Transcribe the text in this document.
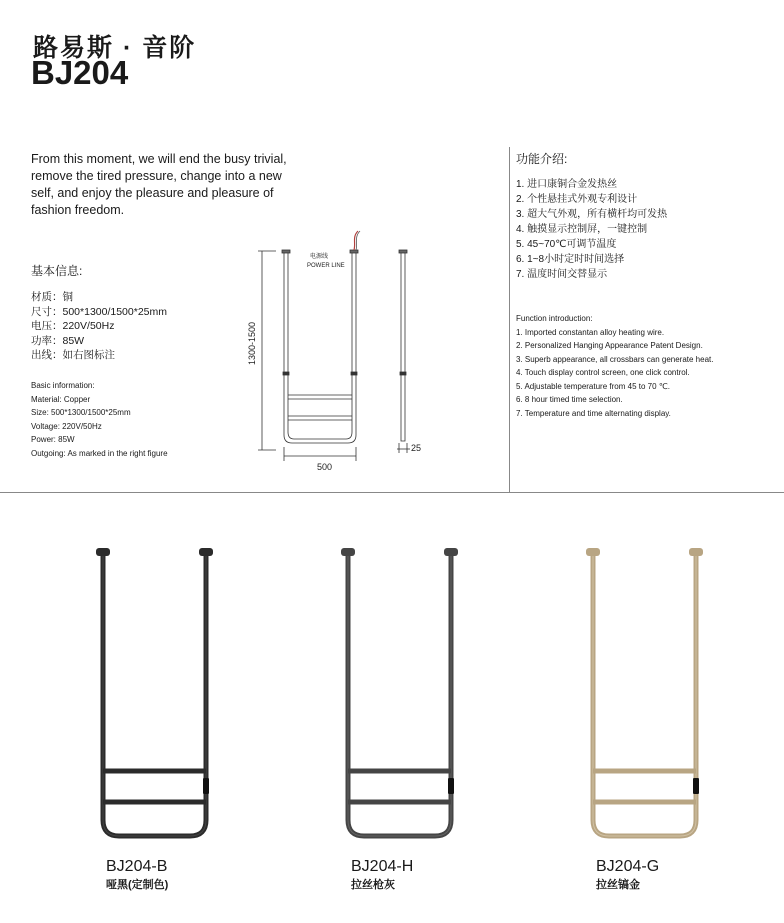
路易斯 · 音阶
BJ204
From this moment, we will end the busy trivial,
remove the tired pressure, change into a new
self, and enjoy the pleasure and pleasure of
fashion freedom.
基本信息:
材质：铜
尺寸：500*1300/1500*25mm
电压：220V/50Hz
功率：85W
出线：如右图标注
Basic information:
Material: Copper
Size: 500*1300/1500*25mm
Voltage: 220V/50Hz
Power: 85W
Outgoing: As marked in the right figure
电源线
POWER LINE
1300-1500
500
25
功能介绍:
1. 进口康铜合金发热丝
2. 个性悬挂式外观专利设计
3. 超大气外观，所有横杆均可发热
4. 触摸显示控制屏，一键控制
5. 45~70℃可调节温度
6. 1~8小时定时时间选择
7. 温度时间交替显示
Function introduction:
1. Imported constantan alloy heating wire.
2. Personalized Hanging Appearance Patent Design.
3. Superb appearance, all crossbars can generate heat.
4. Touch display control screen, one click control.
5. Adjustable temperature from 45 to 70 ℃.
6. 8 hour timed time selection.
7. Temperature and time alternating display.
BJ204-B
哑黑(定制色)
BJ204-H
拉丝枪灰
BJ204-G
拉丝镐金
